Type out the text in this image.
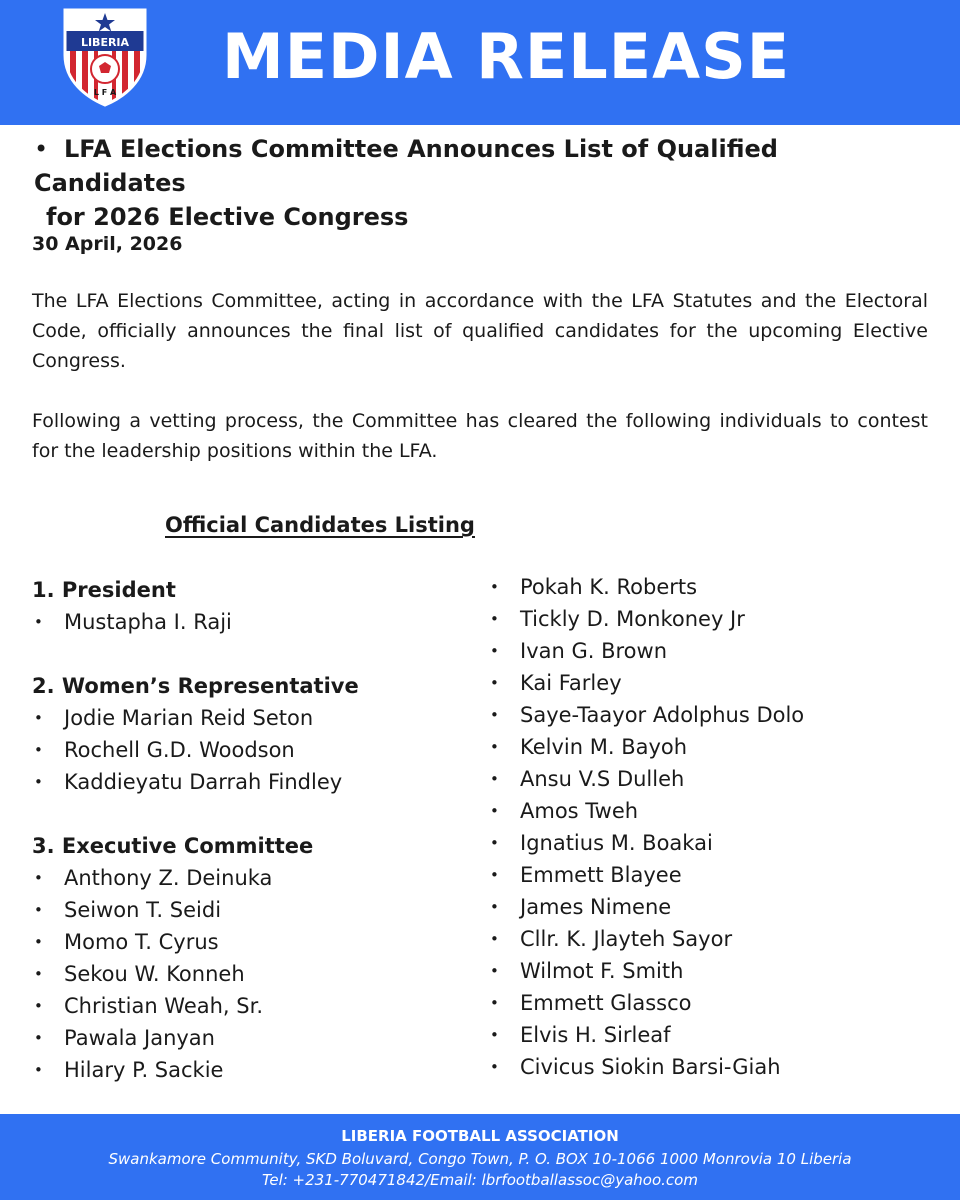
LIBERIA
L F A MEDIA RELEASE
• LFA Elections Committee Announces List of Qualified Candidates
for 2026 Elective Congress
30 April, 2026

The LFA Elections Committee, acting in accordance with the LFA Statutes and the Electoral Code, officially announces the final list of qualified candidates for the upcoming Elective Congress.

Following a vetting process, the Committee has cleared the following individuals to contest for the leadership positions within the LFA.

Official Candidates Listing
1. President
•	Mustapha I. Raji
2. Women’s Representative
•	Jodie Marian Reid Seton
•	Rochell G.D. Woodson
•	Kaddieyatu Darrah Findley
3. Executive Committee
•	Anthony Z. Deinuka
•	Seiwon T. Seidi
•	Momo T. Cyrus
•	Sekou W. Konneh
•	Christian Weah, Sr.
•	Pawala Janyan
•	Hilary P. Sackie
•	Pokah K. Roberts
•	Tickly D. Monkoney Jr
•	Ivan G. Brown
•	Kai Farley
•	Saye-Taayor Adolphus Dolo
•	Kelvin M. Bayoh
•	Ansu V.S Dulleh
•	Amos Tweh
•	Ignatius M. Boakai
•	Emmett Blayee
•	James Nimene
•	Cllr. K. Jlayteh Sayor
•	Wilmot F. Smith
•	Emmett Glassco
•	Elvis H. Sirleaf
•	Civicus Siokin Barsi-Giah
LIBERIA FOOTBALL ASSOCIATION
Swankamore Community, SKD Boluvard, Congo Town, P. O. BOX 10-1066 1000 Monrovia 10 Liberia
Tel: +231-770471842/Email: lbrfootballassoc@yahoo.com
